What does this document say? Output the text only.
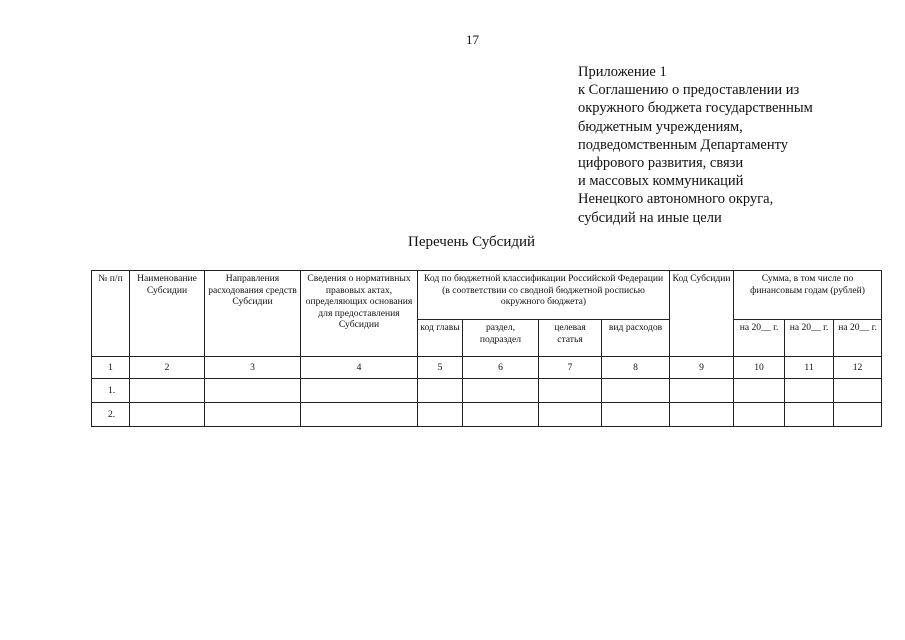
17
Приложение 1
к Соглашению о предоставлении из
окружного бюджета государственным
бюджетным учреждениям,
подведомственным Департаменту
цифрового развития, связи
и массовых коммуникаций
Ненецкого автономного округа,
субсидий на иные цели
Перечень Субсидий
№ п/п	Наименование Субсидии	Направления расходования средств Субсидии	Сведения о нормативных правовых актах, определяющих основания для предоставления Субсидии	Код по бюджетной классификации Российской Федерации (в соответствии со сводной бюджетной росписью окружного бюджета)				Код Субсидии	Сумма, в том числе по финансовым годам (рублей)		
				код главы	раздел, подраздел	целевая статья	вид расходов		на 20__ г.	на 20__ г.	на 20__ г.
1	2	3	4	5	6	7	8	9	10	11	12
1.											
2.											
